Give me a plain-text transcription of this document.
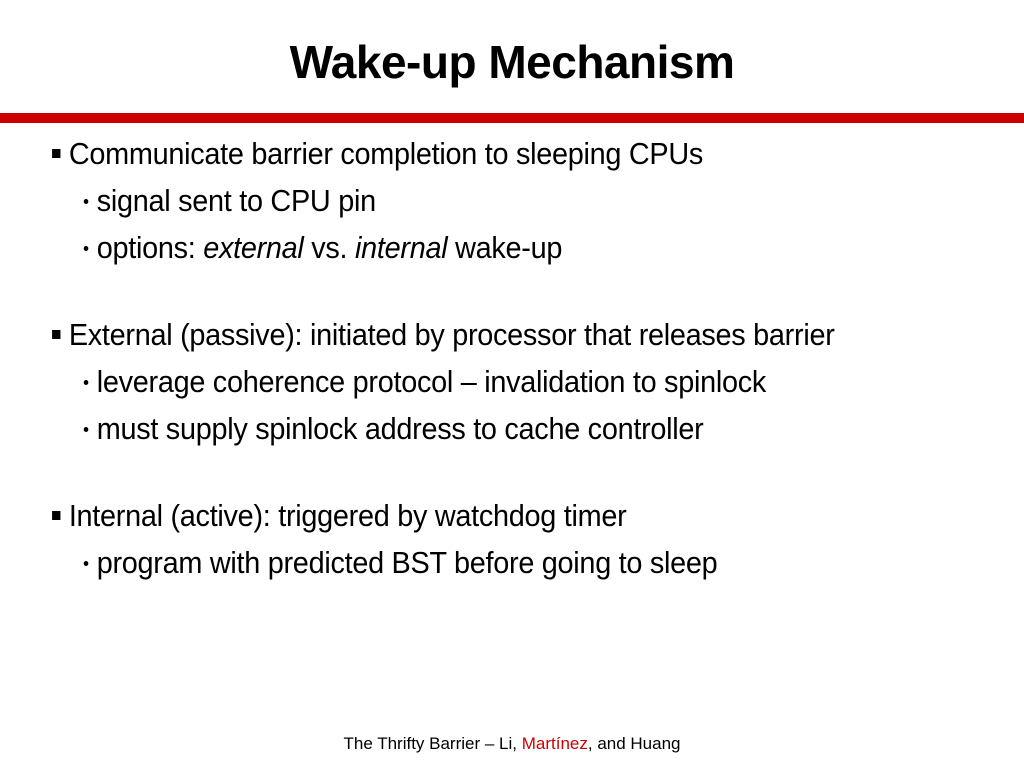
Wake-up Mechanism
Communicate barrier completion to sleeping CPUs
signal sent to CPU pin
options: external vs. internal wake-up
External (passive): initiated by processor that releases barrier
leverage coherence protocol – invalidation to spinlock
must supply spinlock address to cache controller
Internal (active): triggered by watchdog timer
program with predicted BST before going to sleep
The Thrifty Barrier – Li, Martínez, and Huang
